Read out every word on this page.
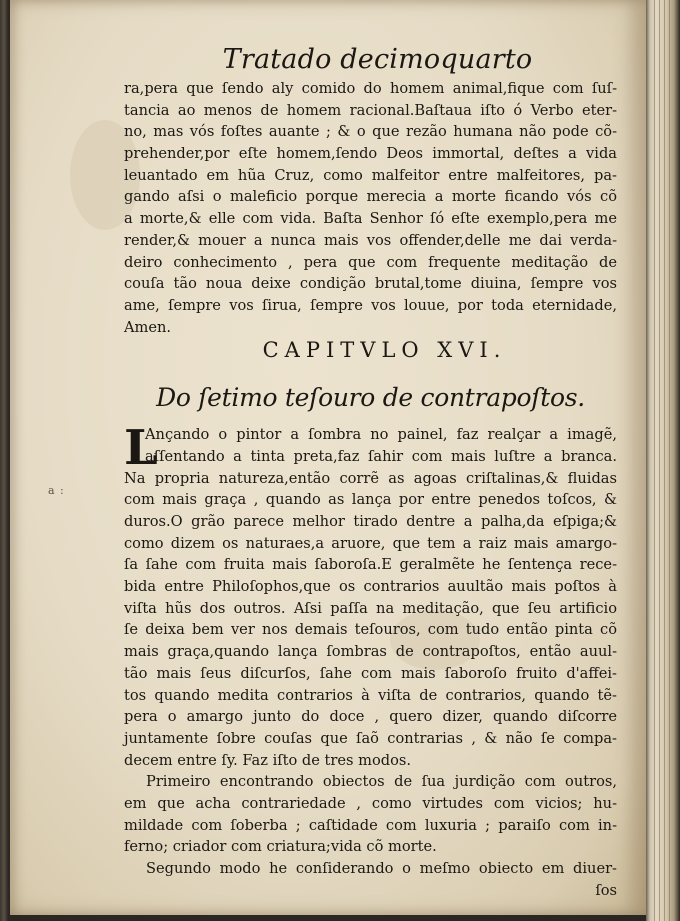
a :
Tratado decimoquarto
ra,pera que ſendo aly comido do homem animal,fique com ſuſ-
tancia ao menos de homem racional.Baſtaua iſto ó Verbo eter-
no, mas vós foſtes auante ; & o que rezão humana não pode cõ-
prehender,por eſte homem,ſendo Deos immortal, deſtes a vida
leuantado em hũa Cruz, como malfeitor entre malfeitores, pa-
gando aſsi o maleficio porque merecia a morte ficando vós cõ
a morte,& elle com vida. Baſta Senhor ſó eſte exemplo,pera me
render,& mouer a nunca mais vos offender,delle me dai verda-
deiro conhecimento , pera que com frequente meditação de
couſa tão noua deixe condição brutal,tome diuina, ſempre vos
ame, ſempre vos ſirua, ſempre vos louue, por toda eternidade,
Amen.
CAPITVLO XVI.
Do ſetimo teſouro de contrapoſtos.
L
Ançando o pintor a ſombra no painel, faz realçar a imagẽ,
aſſentando a tinta preta,faz ſahir com mais luſtre a branca.
Na propria natureza,então corrẽ as agoas criſtalinas,& fluidas
com mais graça , quando as lança por entre penedos toſcos, &
duros.O grão parece melhor tirado dentre a palha,da eſpiga;&
como dizem os naturaes,a aruore, que tem a raiz mais amargo-
ſa ſahe com fruita mais ſaboroſa.E geralmẽte he ſentença rece-
bida entre Philoſophos,que os contrarios auultão mais poſtos à
viſta hũs dos outros. Aſsi paſſa na meditação, que ſeu artificio
ſe deixa bem ver nos demais teſouros, com tudo então pinta cõ
mais graça,quando lança ſombras de contrapoſtos, então auul-
tão mais ſeus diſcurſos, ſahe com mais ſaboroſo fruito d'affei-
tos quando medita contrarios à viſta de contrarios, quando tẽ-
pera o amargo junto do doce , quero dizer, quando diſcorre
juntamente ſobre couſas que ſaõ contrarias , & não ſe compa-
decem entre ſy. Faz iſto de tres modos.
Primeiro encontrando obiectos de ſua jurdição com outros,
em que acha contrariedade , como virtudes com vicios; hu-
mildade com ſoberba ; caſtidade com luxuria ; paraiſo com in-
ferno; criador com criatura;vida cõ morte.
Segundo modo he conſiderando o meſmo obiecto em diuer-
ſos
